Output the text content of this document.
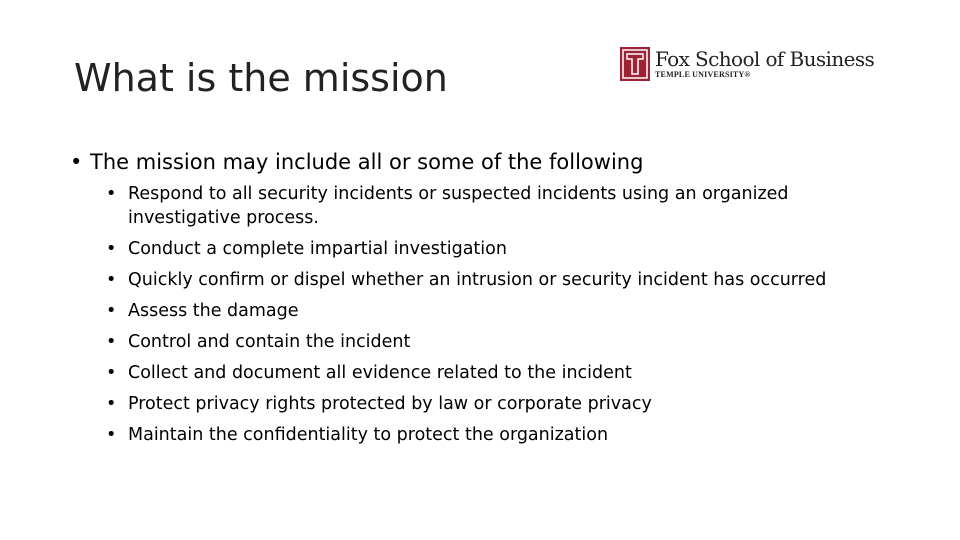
What is the mission	Fox School of Business
TEMPLE UNIVERSITY®
• The mission may include all or some of the following
• Respond to all security incidents or suspected incidents using an organized investigative process.
• Conduct a complete impartial investigation
• Quickly confirm or dispel whether an intrusion or security incident has occurred
• Assess the damage
• Control and contain the incident
• Collect and document all evidence related to the incident
• Protect privacy rights protected by law or corporate privacy
• Maintain the confidentiality to protect the organization
